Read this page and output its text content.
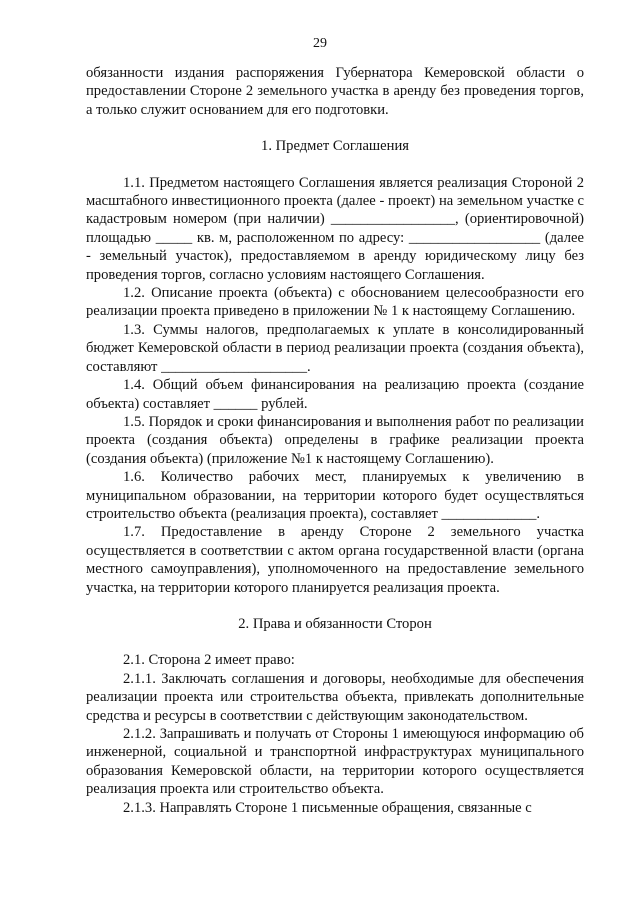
29

обязанности издания распоряжения Губернатора Кемеровской области о предоставлении Стороне 2 земельного участка в аренду без проведения торгов, а только служит основанием для его подготовки.

1. Предмет Соглашения

1.1. Предметом настоящего Соглашения является реализация Стороной 2 масштабного инвестиционного проекта (далее - проект) на земельном участке с кадастровым номером (при наличии) _________________, (ориентировочной) площадью _____ кв. м, расположенном по адресу: __________________ (далее - земельный участок), предоставляемом в аренду юридическому лицу без проведения торгов, согласно условиям настоящего Соглашения.

1.2. Описание проекта (объекта) с обоснованием целесообразности его реализации проекта приведено в приложении № 1 к настоящему Соглашению.

1.3. Суммы налогов, предполагаемых к уплате в консолидированный бюджет Кемеровской области в период реализации проекта (создания объекта), составляют ____________________.

1.4. Общий объем финансирования на реализацию проекта (создание объекта) составляет ______ рублей.

1.5. Порядок и сроки финансирования и выполнения работ по реализации проекта (создания объекта) определены в графике реализации проекта (создания объекта) (приложение №1 к настоящему Соглашению).

1.6. Количество рабочих мест, планируемых к увеличению в муниципальном образовании, на территории которого будет осуществляться строительство объекта (реализация проекта), составляет _____________.

1.7. Предоставление в аренду Стороне 2 земельного участка осуществляется в соответствии с актом органа государственной власти (органа местного самоуправления), уполномоченного на предоставление земельного участка, на территории которого планируется реализация проекта.

2. Права и обязанности Сторон

2.1. Сторона 2 имеет право:

2.1.1. Заключать соглашения и договоры, необходимые для обеспечения реализации проекта или строительства объекта, привлекать дополнительные средства и ресурсы в соответствии с действующим законодательством.

2.1.2. Запрашивать и получать от Стороны 1 имеющуюся информацию об инженерной, социальной и транспортной инфраструктурах муниципального образования Кемеровской области, на территории которого осуществляется реализация проекта или строительство объекта.

2.1.3. Направлять Стороне 1 письменные обращения, связанные с
